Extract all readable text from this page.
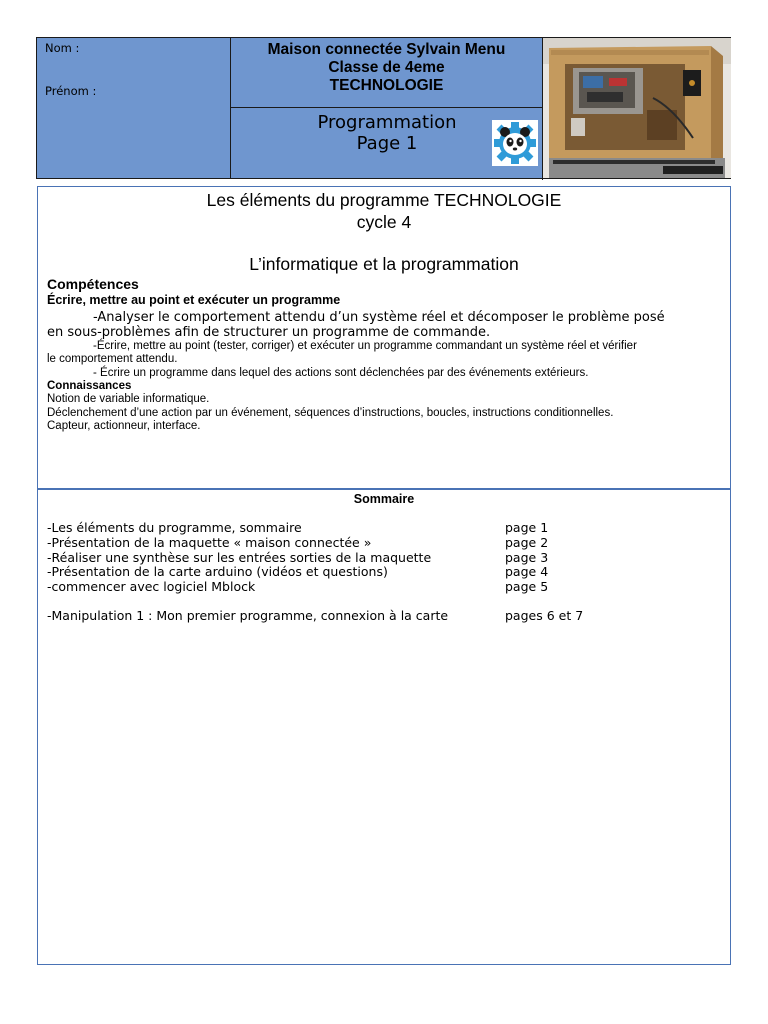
Nom :
Prénom :
Maison connectée Sylvain Menu
Classe de 4eme
TECHNOLOGIE
Programmation
Page 1
Les éléments du programme TECHNOLOGIE
cycle 4
L’informatique et la programmation
Compétences
Écrire, mettre au point et exécuter un programme
-Analyser le comportement attendu d’un système réel et décomposer le problème posé
en sous-problèmes afin de structurer un programme de commande.
-Écrire, mettre au point (tester, corriger) et exécuter un programme commandant un système réel et vérifier
le comportement attendu.
- Écrire un programme dans lequel des actions sont déclenchées par des événements extérieurs.
Connaissances
Notion de variable informatique.
Déclenchement d’une action par un événement, séquences d’instructions, boucles, instructions conditionnelles.
Capteur, actionneur, interface.
Sommaire
-Les éléments du programme, sommaire	page 1
-Présentation de la maquette « maison connectée »	page 2
-Réaliser une synthèse sur les entrées sorties de la maquette	page 3
-Présentation de la carte arduino (vidéos et questions)	page 4
-commencer avec logiciel Mblock	page 5
-Manipulation 1 : Mon premier programme, connexion à la carte	pages 6 et 7
